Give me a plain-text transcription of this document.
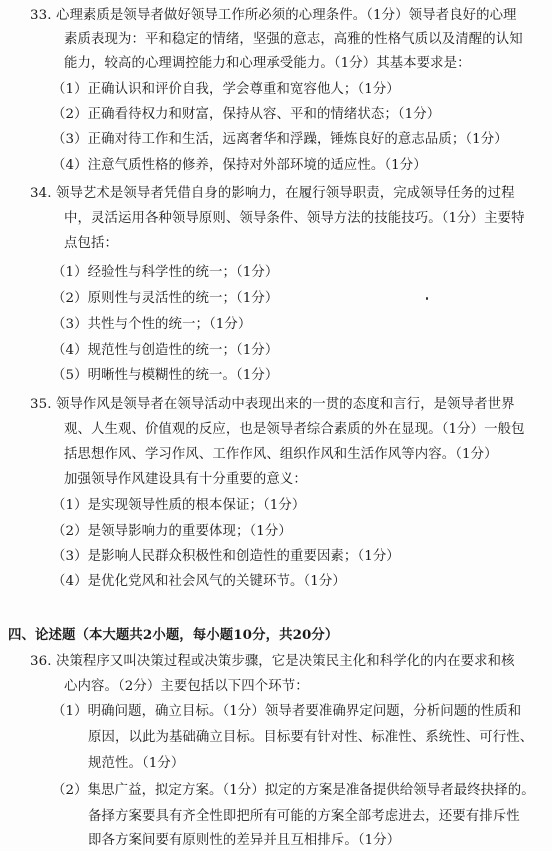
33. 心理素质是领导者做好领导工作所必须的心理条件。（1分）领导者良好的心理
素质表现为：平和稳定的情绪，坚强的意志，高雅的性格气质以及清醒的认知
能力，较高的心理调控能力和心理承受能力。（1分）其基本要求是：
（1）正确认识和评价自我，学会尊重和宽容他人；（1分）
（2）正确看待权力和财富，保持从容、平和的情绪状态；（1分）
（3）正确对待工作和生活，远离奢华和浮躁，锤炼良好的意志品质；（1分）
（4）注意气质性格的修养，保持对外部环境的适应性。（1分）
34. 领导艺术是领导者凭借自身的影响力，在履行领导职责，完成领导任务的过程
中，灵活运用各种领导原则、领导条件、领导方法的技能技巧。（1分）主要特
点包括：
（1）经验性与科学性的统一；（1分）
（2）原则性与灵活性的统一；（1分）
（3）共性与个性的统一；（1分）
（4）规范性与创造性的统一；（1分）
（5）明晰性与模糊性的统一。（1分）
35. 领导作风是领导者在领导活动中表现出来的一贯的态度和言行，是领导者世界
观、人生观、价值观的反应，也是领导者综合素质的外在显现。（1分）一般包
括思想作风、学习作风、工作作风、组织作风和生活作风等内容。（1分）
加强领导作风建设具有十分重要的意义：
（1）是实现领导性质的根本保证；（1分）
（2）是领导影响力的重要体现；（1分）
（3）是影响人民群众积极性和创造性的重要因素；（1分）
（4）是优化党风和社会风气的关键环节。（1分）
四、论述题（本大题共2小题，每小题10分，共20分）
36. 决策程序又叫决策过程或决策步骤，它是决策民主化和科学化的内在要求和核
心内容。（2分）主要包括以下四个环节：
（1）明确问题，确立目标。（1分）领导者要准确界定问题，分析问题的性质和
原因，以此为基础确立目标。目标要有针对性、标准性、系统性、可行性、
规范性。（1分）
（2）集思广益，拟定方案。（1分）拟定的方案是准备提供给领导者最终抉择的。
备择方案要具有齐全性即把所有可能的方案全部考虑进去，还要有排斥性
即各方案间要有原则性的差异并且互相排斥。（1分）
